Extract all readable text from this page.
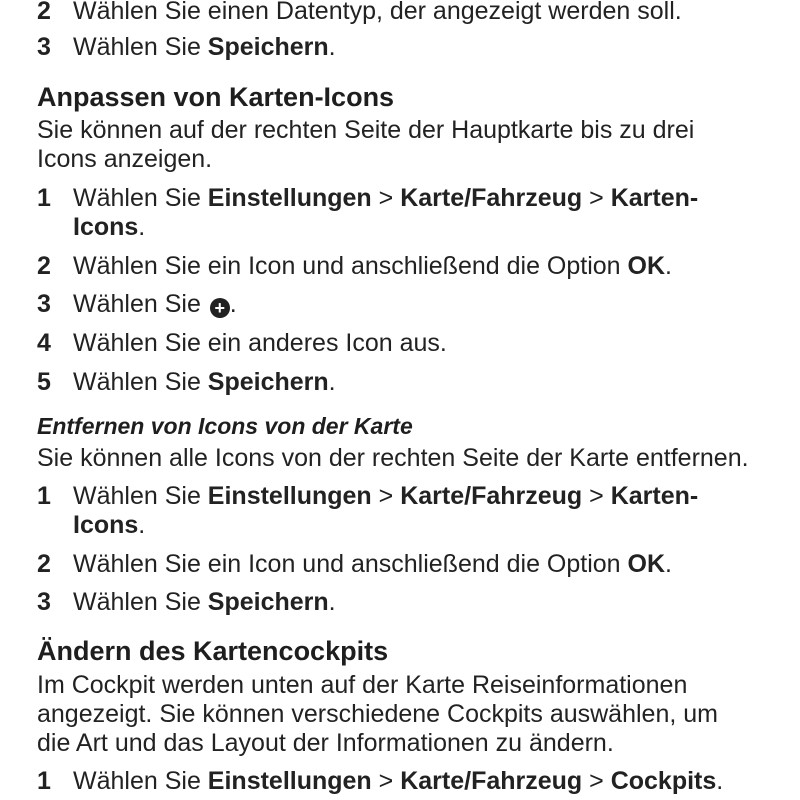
2 Wählen Sie einen Datentyp, der angezeigt werden soll.
3 Wählen Sie Speichern.
Anpassen von Karten-Icons
Sie können auf der rechten Seite der Hauptkarte bis zu drei
Icons anzeigen.
1 Wählen Sie Einstellungen > Karte/Fahrzeug > Karten-
Icons.
2 Wählen Sie ein Icon und anschließend die Option OK.
3 Wählen Sie + .
4 Wählen Sie ein anderes Icon aus.
5 Wählen Sie Speichern.
Entfernen von Icons von der Karte
Sie können alle Icons von der rechten Seite der Karte entfernen.
1 Wählen Sie Einstellungen > Karte/Fahrzeug > Karten-
Icons.
2 Wählen Sie ein Icon und anschließend die Option OK.
3 Wählen Sie Speichern.
Ändern des Kartencockpits
Im Cockpit werden unten auf der Karte Reiseinformationen
angezeigt. Sie können verschiedene Cockpits auswählen, um
die Art und das Layout der Informationen zu ändern.
1 Wählen Sie Einstellungen > Karte/Fahrzeug > Cockpits.
